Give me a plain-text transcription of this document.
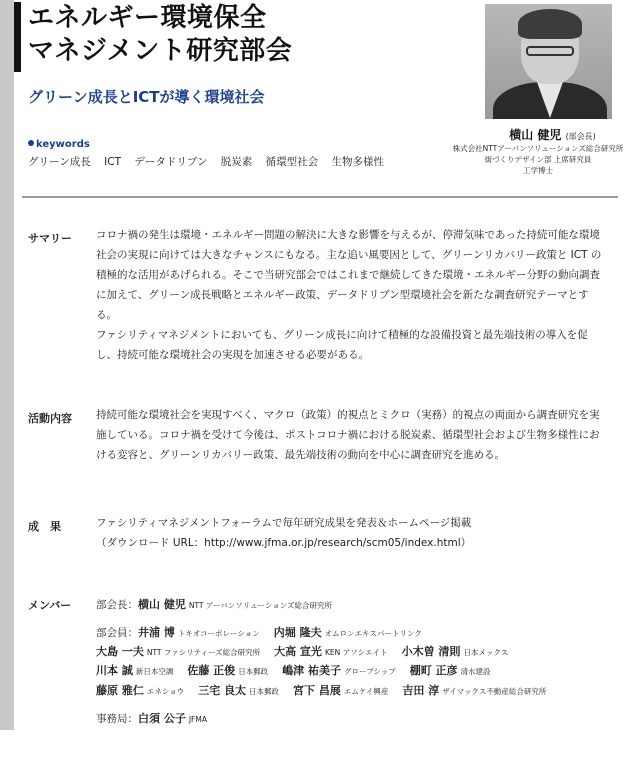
エネルギー環境保全
マネジメント研究部会
グリーン成長とICTが導く環境社会
横山 健児 (部会長)
株式会社NTTアーバンソリューションズ総合研究所
街づくりデザイン部 上席研究員
工学博士
keywords
グリーン成長 ICT データドリブン 脱炭素 循環型社会 生物多様性
サマリー コロナ禍の発生は環境・エネルギー問題の解決に大きな影響を与えるが、停滞気味であった持続可能な環境社会の実現に向けては大きなチャンスにもなる。主な追い風要因として、グリーンリカバリー政策と ICT の積極的な活用があげられる。そこで当研究部会ではこれまで継続してきた環境・エネルギー分野の動向調査に加えて、グリーン成長戦略とエネルギー政策、データドリブン型環境社会を新たな調査研究テーマとする。

ファシリティマネジメントにおいても、グリーン成長に向けて積極的な設備投資と最先端技術の導入を促し、持続可能な環境社会の実現を加速させる必要がある。

活動内容 持続可能な環境社会を実現すべく、マクロ（政策）的視点とミクロ（実務）的視点の両面から調査研究を実施している。コロナ禍を受けて今後は、ポストコロナ禍における脱炭素、循環型社会および生物多様性における変容と、グリーンリカバリー政策、最先端技術の動向を中心に調査研究を進める。
成　果	ファシリティマネジメントフォーラムで毎年研究成果を発表＆ホームページ掲載
（ダウンロード URL：http://www.jfma.or.jp/research/scm05/index.html）
メンバー 部会長：横山 健児 NTT アーバンソリューションズ総合研究所
部会員：井浦 博 トキオコーポレーション 内堀 隆夫 オムロンエキスパートリンク
大島 一夫 NTT ファシリティーズ総合研究所 大高 宣光 KEN アソシエイト 小木曽 清則 日本メックス
川本 誠 新日本空調 佐藤 正俊 日本郵政 嶋津 祐美子 グローブシップ 棚町 正彦 清水建設
藤原 雅仁 エネショウ 三宅 良太 日本郵政 宮下 昌展 エムケイ興産 吉田 淳 ザイマックス不動産総合研究所
事務局：白須 公子 JFMA
